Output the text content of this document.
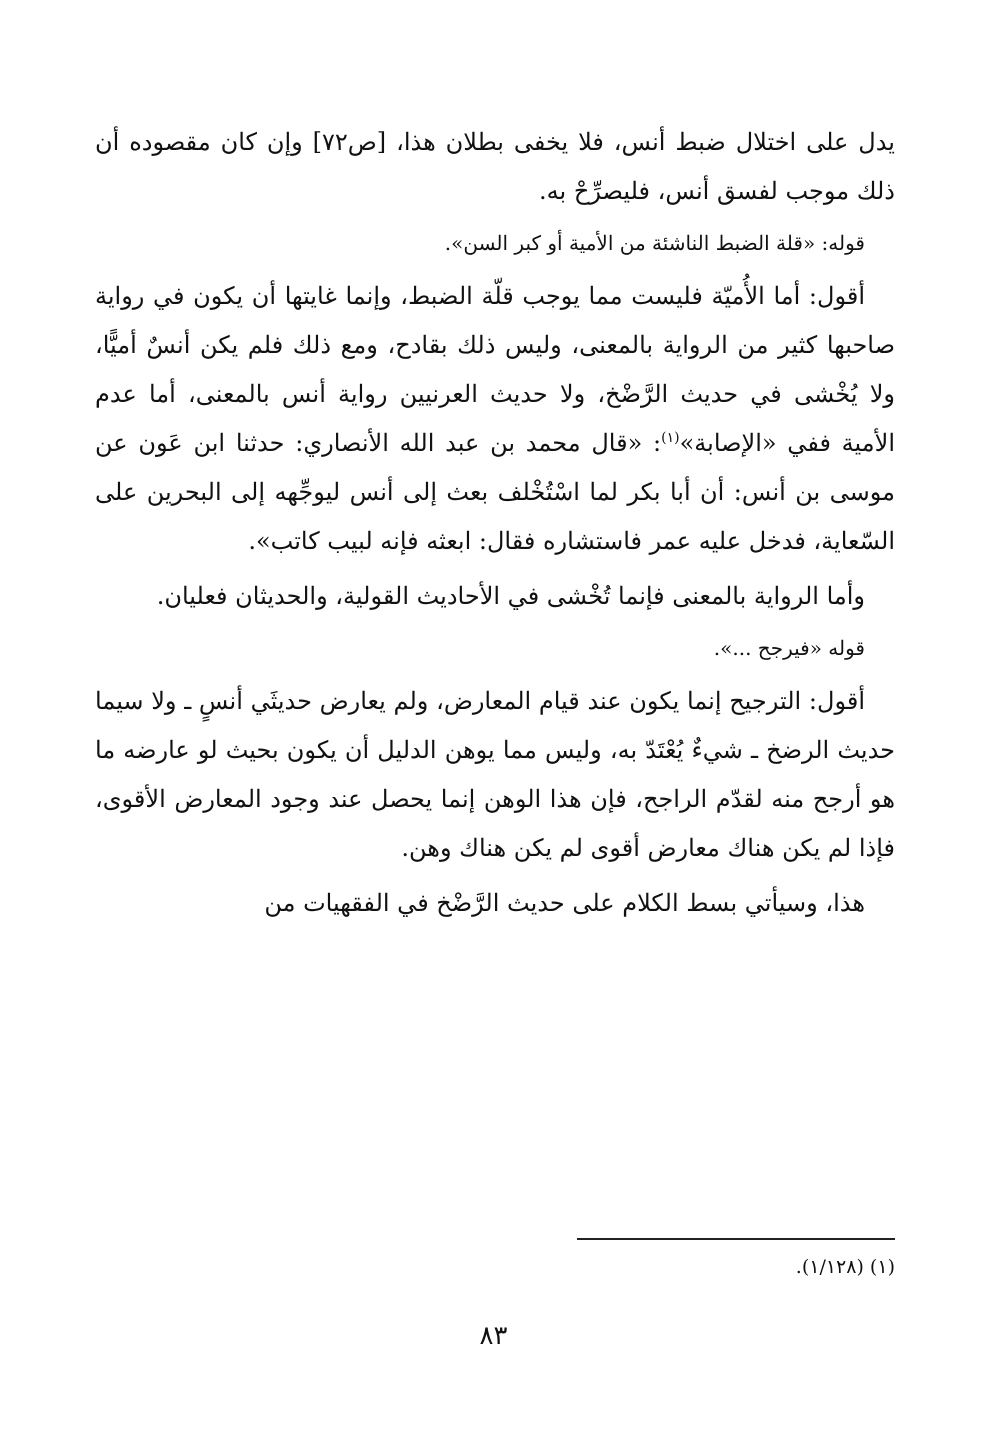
يدل على اختلال ضبط أنس، فلا يخفى بطلان هذا، [ص٧٢] وإن كان مقصوده أن ذلك موجب لفسق أنس، فليصرِّحْ به.

قوله: «قلة الضبط الناشئة من الأمية أو كبر السن».

أقول: أما الأُميّة فليست مما يوجب قلّة الضبط، وإنما غايتها أن يكون في رواية صاحبها كثير من الرواية بالمعنى، وليس ذلك بقادح، ومع ذلك فلم يكن أنسٌ أميًّا، ولا يُخْشى في حديث الرَّضْخ، ولا حديث العرنيين رواية أنس بالمعنى، أما عدم الأمية ففي «الإصابة»$^{(١)}$: «قال محمد بن عبد الله الأنصاري: حدثنا ابن عَون عن موسى بن أنس: أن أبا بكر لما اسْتُخْلف بعث إلى أنس ليوجِّهه إلى البحرين على السّعاية، فدخل عليه عمر فاستشاره فقال: ابعثه فإنه لبيب كاتب».

وأما الرواية بالمعنى فإنما تُخْشى في الأحاديث القولية، والحديثان فعليان.

قوله «فيرجح ...».

أقول: الترجيح إنما يكون عند قيام المعارض، ولم يعارض حديثَي أنسٍ ـ ولا سيما حديث الرضخ ـ شيءٌ يُعْتَدّ به، وليس مما يوهن الدليل أن يكون بحيث لو عارضه ما هو أرجح منه لقدّم الراجح، فإن هذا الوهن إنما يحصل عند وجود المعارض الأقوى، فإذا لم يكن هناك معارض أقوى لم يكن هناك وهن.

هذا، وسيأتي بسط الكلام على حديث الرَّضْخ في الفقهيات من

(١) (١/١٢٨).
٨٣
